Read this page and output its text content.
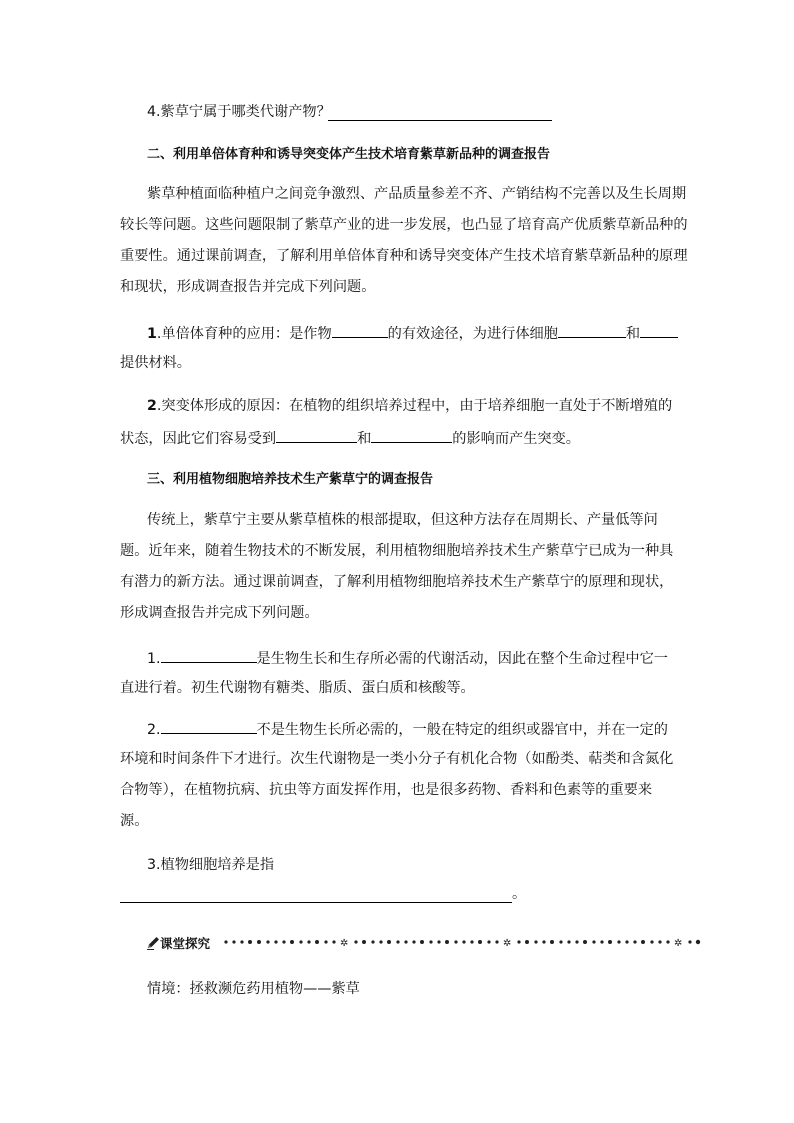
4.紫草宁属于哪类代谢产物？
二、利用单倍体育种和诱导突变体产生技术培育紫草新品种的调查报告
紫草种植面临种植户之间竞争激烈、产品质量参差不齐、产销结构不完善以及生长周期
较长等问题。这些问题限制了紫草产业的进一步发展，也凸显了培育高产优质紫草新品种的
重要性。通过课前调查，了解利用单倍体育种和诱导突变体产生技术培育紫草新品种的原理
和现状，形成调查报告并完成下列问题。
1.单倍体育种的应用：是作物	的有效途径，为进行体细胞	和
提供材料。
2.突变体形成的原因：在植物的组织培养过程中，由于培养细胞一直处于不断增殖的
状态，因此它们容易受到	和	的影响而产生突变。
三、利用植物细胞培养技术生产紫草宁的调查报告
传统上，紫草宁主要从紫草植株的根部提取，但这种方法存在周期长、产量低等问
题。近年来，随着生物技术的不断发展，利用植物细胞培养技术生产紫草宁已成为一种具
有潜力的新方法。通过课前调查，了解利用植物细胞培养技术生产紫草宁的原理和现状，
形成调查报告并完成下列问题。
1.	是生物生长和生存所必需的代谢活动，因此在整个生命过程中它一
直进行着。初生代谢物有糖类、脂质、蛋白质和核酸等。
2.	不是生物生长所必需的，一般在特定的组织或器官中，并在一定的
环境和时间条件下才进行。次生代谢物是一类小分子有机化合物（如酚类、萜类和含氮化
合物等），在植物抗病、抗虫等方面发挥作用，也是很多药物、香料和色素等的重要来
源。
3.植物细胞培养是指
。
课堂探究	✲	✲	✲
情境：拯救濒危药用植物——紫草
